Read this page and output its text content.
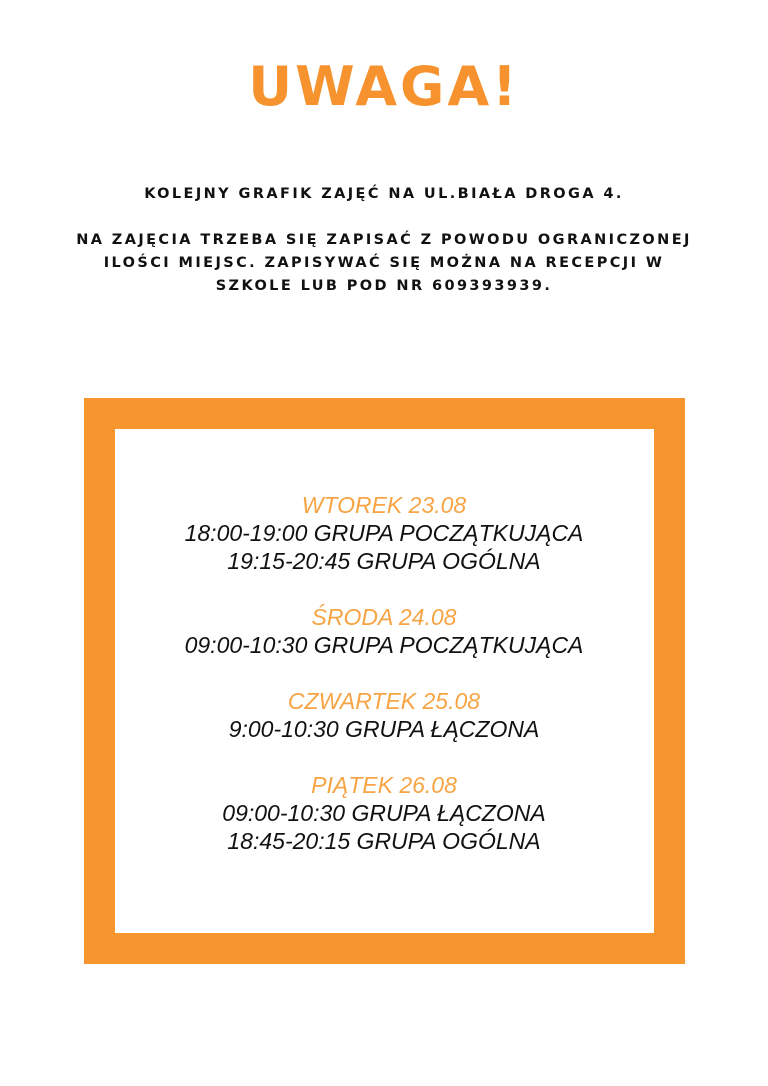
UWAGA!

KOLEJNY GRAFIK ZAJĘĆ NA UL.BIAŁA DROGA 4.

NA ZAJĘCIA TRZEBA SIĘ ZAPISAĆ Z POWODU OGRANICZONEJ
ILOŚCI MIEJSC. ZAPISYWAĆ SIĘ MOŻNA NA RECEPCJI W
SZKOLE LUB POD NR 609393939.

WTOREK 23.08
18:00-19:00 GRUPA POCZĄTKUJĄCA
19:15-20:45 GRUPA OGÓLNA
ŚRODA 24.08
09:00-10:30 GRUPA POCZĄTKUJĄCA
CZWARTEK 25.08
9:00-10:30 GRUPA ŁĄCZONA
PIĄTEK 26.08
09:00-10:30 GRUPA ŁĄCZONA
18:45-20:15 GRUPA OGÓLNA
